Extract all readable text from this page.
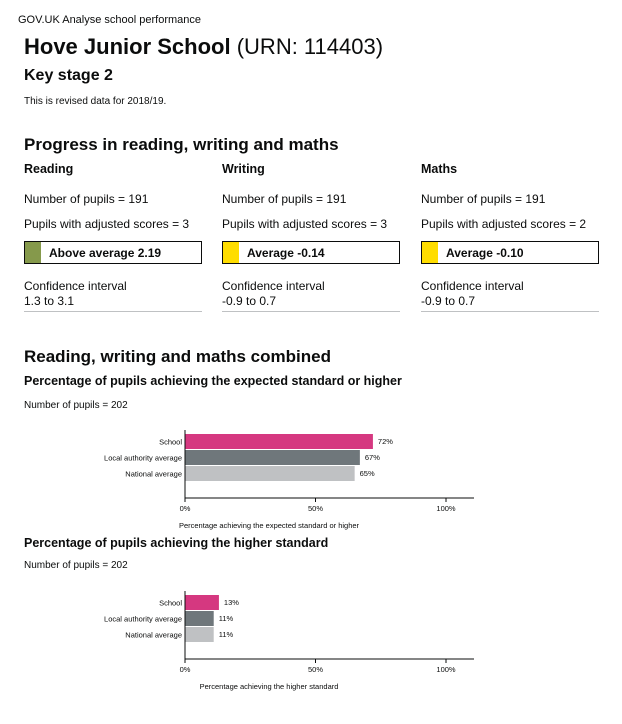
GOV.UK Analyse school performance
Hove Junior School (URN: 114403)
Key stage 2
This is revised data for 2018/19.
Progress in reading, writing and maths
Reading
Number of pupils = 191
Pupils with adjusted scores = 3
Above average 2.19
Confidence interval
1.3 to 3.1
Writing
Number of pupils = 191
Pupils with adjusted scores = 3
Average -0.14
Confidence interval
-0.9 to 0.7
Maths
Number of pupils = 191
Pupils with adjusted scores = 2
Average -0.10
Confidence interval
-0.9 to 0.7
Reading, writing and maths combined
Percentage of pupils achieving the expected standard or higher
Number of pupils = 202
School	72%
Local authority average	67%
National average	65%
0%	50%	100%
Percentage achieving the expected standard or higher
Percentage of pupils achieving the higher standard
Number of pupils = 202
School	13%
Local authority average	11%
National average	11%
0%	50%	100%
Percentage achieving the higher standard
